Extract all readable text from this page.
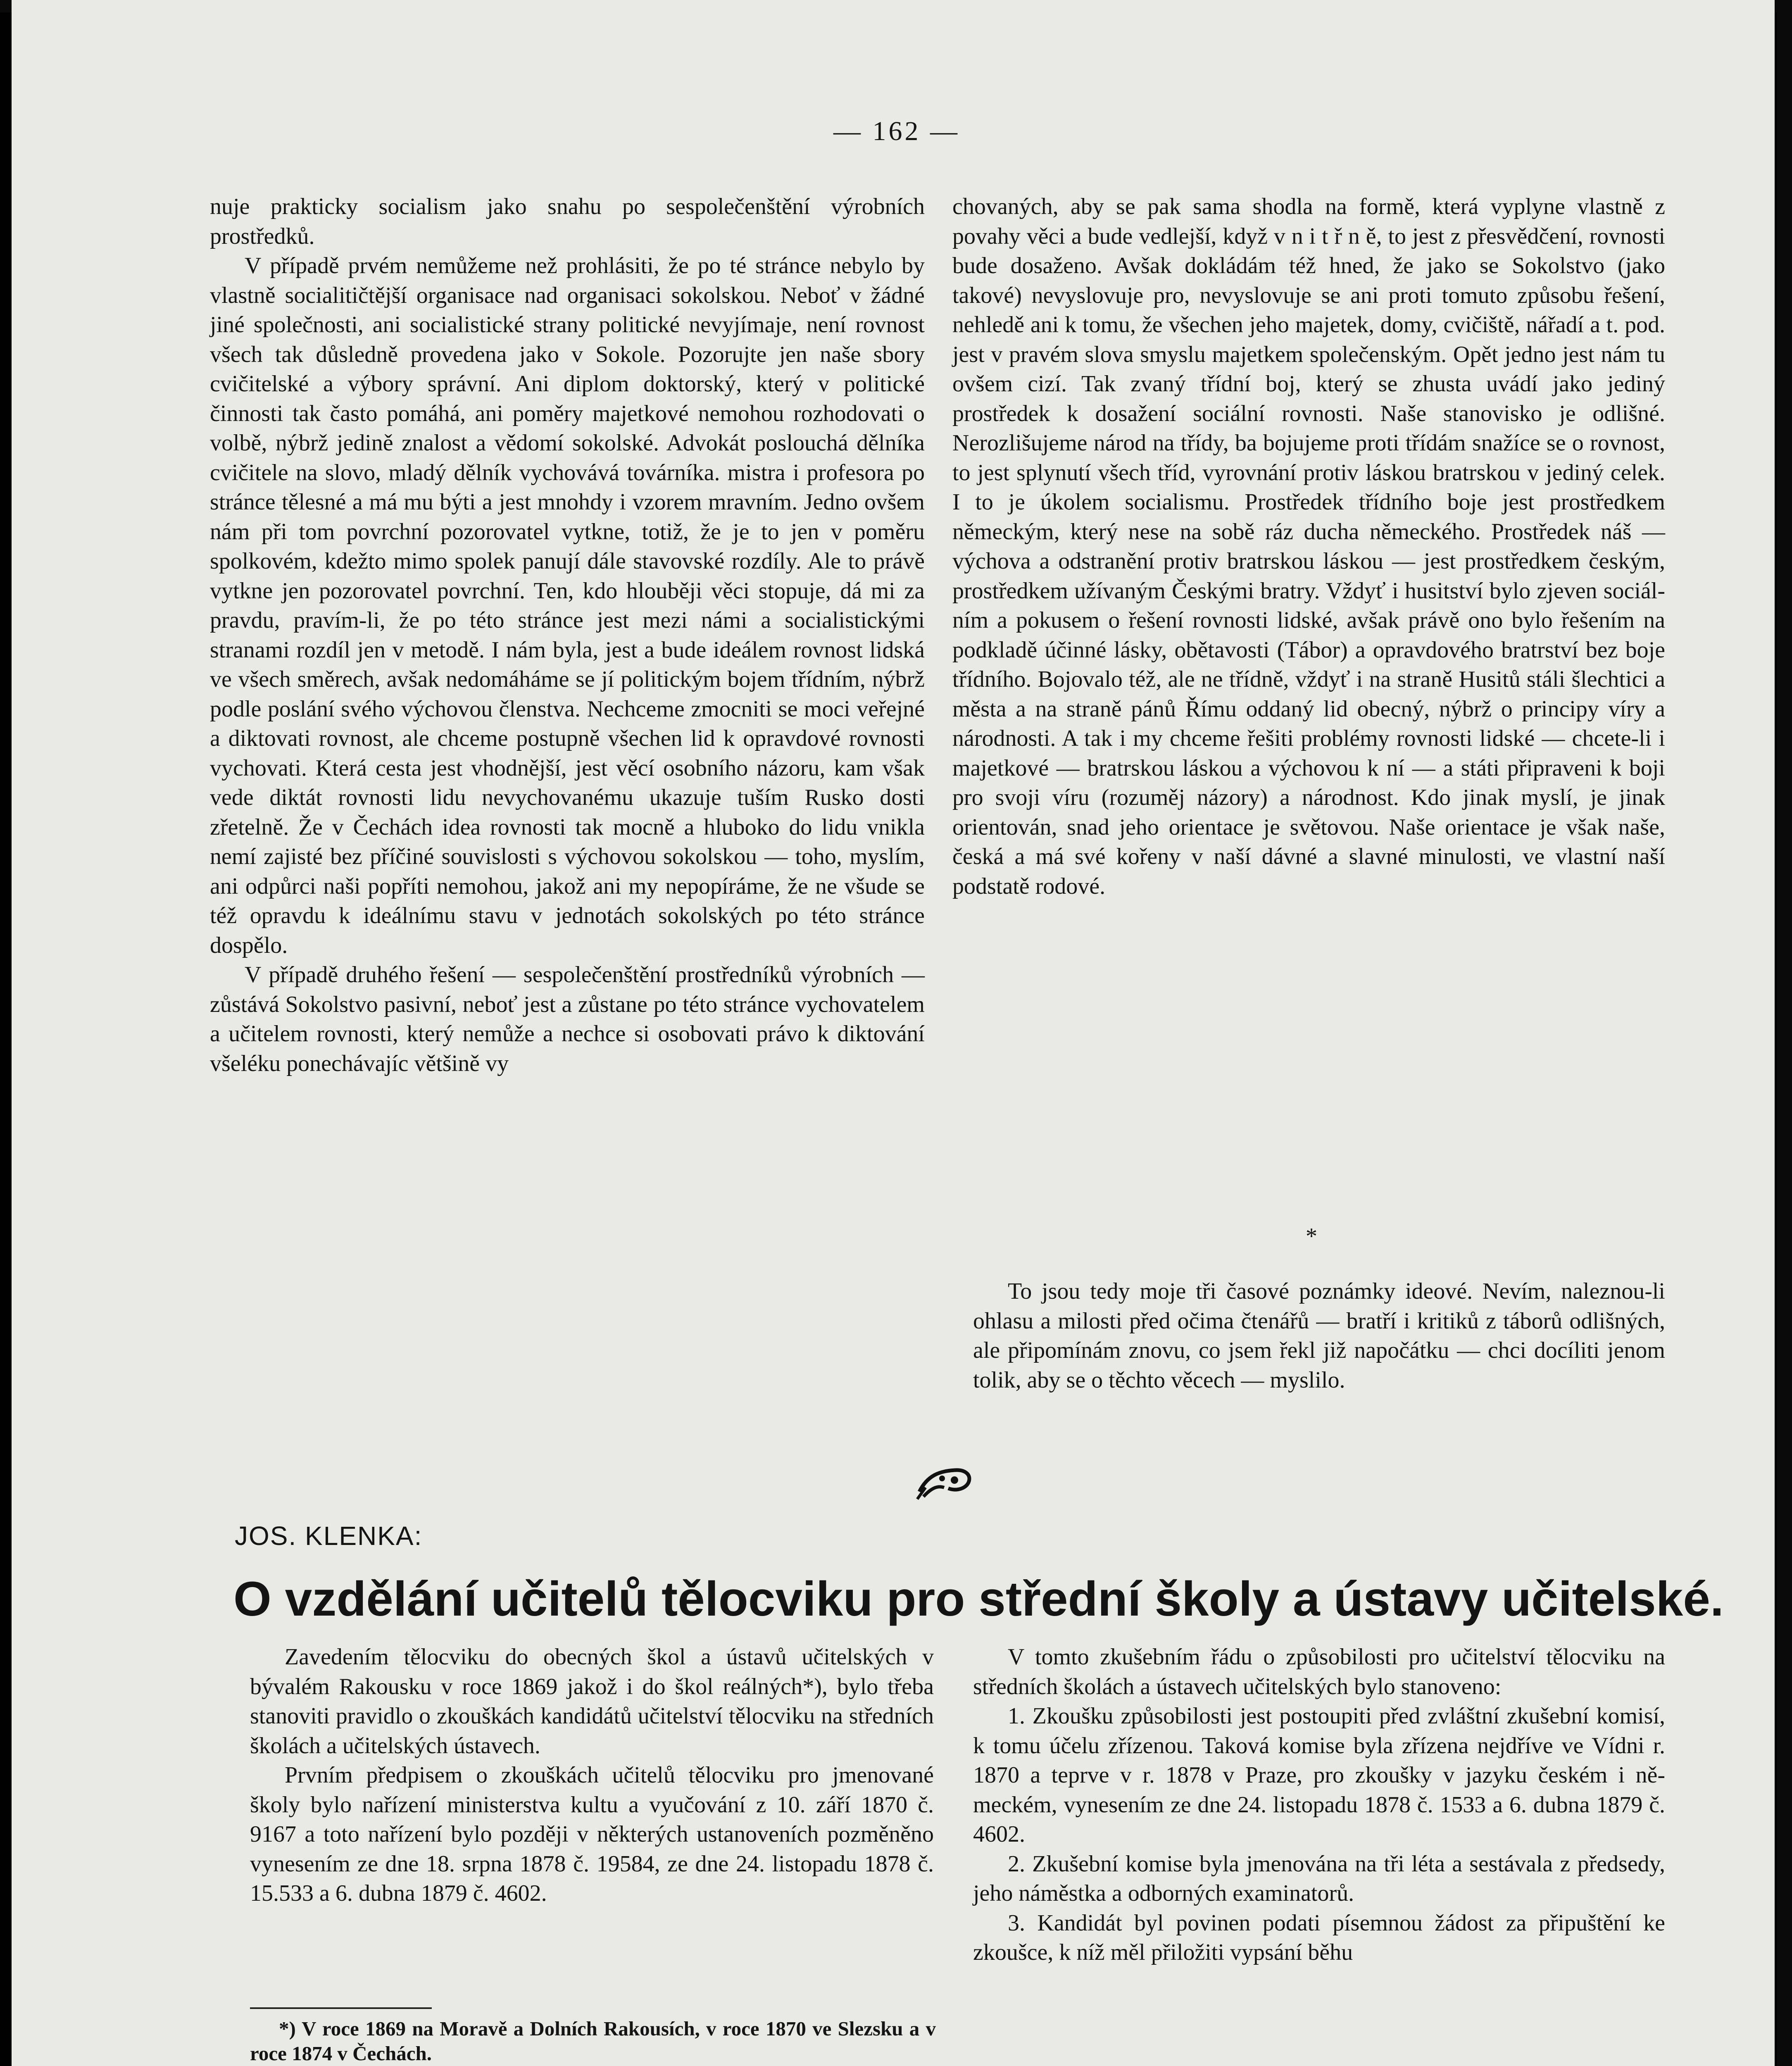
— 162 —

nuje prakticky socialism jako snahu po sespolečenštění výrobních prostředků.

V případě prvém nemůžeme než prohlásiti, že po té stránce nebylo by vlastně socialitičtější organisace nad organisaci sokolskou. Neboť v žádné jiné společnosti, ani socialistické strany politické nevyjímaje, není rovnost všech tak důsledně provedena jako v Sokole. Pozorujte jen naše sbory cvičitelské a výbory správní. Ani diplom doktorský, který v politické činnosti tak často pomáhá, ani poměry majetkové nemohou rozhodovati o volbě, nýbrž jedině znalost a vědomí sokolské. Advokát poslouchá dělníka cvičitele na slovo, mladý dělník vychovává továrníka. mistra i profesora po stránce tělesné a má mu býti a jest mnohdy i vzorem mravním. Jedno ovšem nám při tom povrchní pozorovatel vytkne, totiž, že je to jen v poměru spolkovém, kdežto mimo spolek panují dále stavovské rozdíly. Ale to právě vytkne jen pozorovatel povrchní. Ten, kdo hlouběji věci stopuje, dá mi za pravdu, pravím-li, že po této stránce jest mezi námi a socialistickými stranami rozdíl jen v metodě. I nám byla, jest a bude ideálem rovnost lidská ve všech směrech, avšak nedomáháme se jí politickým bojem třídním, nýbrž podle poslání svého výchovou členstva. Nechceme zmocniti se moci veřejné a diktovati rovnost, ale chceme postupně všechen lid k opravdové rovnosti vychovati. Která cesta jest vhodnější, jest věcí osobního názoru, kam však vede diktát rovnosti lidu nevychovanému ukazuje tuším Rusko dosti zřetelně. Že v Čechách idea rovnosti tak mocně a hluboko do lidu vnikla nemí zajisté bez příčiné souvislosti s výchovou sokolskou — toho, myslím, ani odpůrci naši popříti nemohou, jakož ani my nepopíráme, že ne všude se též opravdu k ideálnímu stavu v jednotách sokolských po této stránce dospělo.

V případě druhého řešení — sespolečenštění prostředníků výrobních — zůstává Sokolstvo pasivní, neboť jest a zůstane po této stránce vychovatelem a učitelem rovnosti, který nemůže a nechce si osobovati právo k diktování všeléku ponechávajíc většině vy

chovaných, aby se pak sama shodla na formě, která vyplyne vlastně z povahy věci a bude vedlejší, když v n i t ř n ě, to jest z přesvědčení, rovnosti bude dosaženo. Avšak dokládám též hned, že jako se Sokolstvo (jako takové) nevyslovuje pro, nevyslovuje se ani proti tomuto způsobu řešení, nehledě ani k tomu, že všechen jeho majetek, domy, cvičiště, nářadí a t. pod. jest v pravém slova smyslu majetkem společenským. Opět jedno jest nám tu ovšem cizí. Tak zvaný třídní boj, který se zhusta uvádí jako jediný prostředek k dosažení sociální rovnosti. Naše stanovisko je odlišné. Nerozlišujeme národ na třídy, ba bojujeme proti třídám snažíce se o rovnost, to jest splynutí všech tříd, vyrovnání protiv láskou bratrskou v jediný celek. I to je úkolem socialismu. Prostředek třídního boje jest prostředkem německým, který nese na sobě ráz ducha německého. Prostředek náš — výchova a odstranění protiv bratrskou láskou — jest prostředkem českým, prostředkem užívaným Českými bratry. Vždyť i husitství bylo zjeven sociálním a pokusem o řešení rovnosti lidské, avšak právě ono bylo řešením na podkladě účinné lásky, obětavosti (Tábor) a opravdového bratrství bez boje třídního. Bojovalo též, ale ne třídně, vždyť i na straně Husitů stáli šlechtici a města a na straně pánů Římu oddaný lid obecný, nýbrž o principy víry a národnosti. A tak i my chceme řešiti problémy rovnosti lidské — chcete-li i majetkové — bratrskou láskou a výchovou k ní — a státi připraveni k boji pro svoji víru (rozuměj názory) a národnost. Kdo jinak myslí, je jinak orientován, snad jeho orientace je světovou. Naše orientace je však naše, česká a má své kořeny v naší dávné a slavné minulosti, ve vlastní naší podstatě rodové.

*

To jsou tedy moje tři časové poznámky ideové. Nevím, naleznou-li ohlasu a milosti před očima čtenářů — bratří i kritiků z táborů odlišných, ale připomínám znovu, co jsem řekl již napočátku — chci docíliti jenom tolik, aby se o těchto věcech — myslilo.

JOS. KLENKA:
O vzdělání učitelů tělocviku pro střední školy a ústavy učitelské.

Zavedením tělocviku do obecných škol a ústavů učitelských v bývalém Rakousku v roce 1869 jakož i do škol reálných*), bylo třeba stanoviti pravidlo o zkouškách kandidátů učitelství tělocviku na středních školách a učitelských ústavech.

Prvním předpisem o zkouškách učitelů tělocviku pro jmenované školy bylo nařízení ministerstva kultu a vyučování z 10. září 1870 č. 9167 a toto nařízení bylo později v některých ustanoveních pozměněno vynesením ze dne 18. srpna 1878 č. 19584, ze dne 24. listopadu 1878 č. 15.533 a 6. dubna 1879 č. 4602.

*) V roce 1869 na Moravě a Dolních Rakousích, v roce 1870 ve Slezsku a v roce 1874 v Čechách.

V tomto zkušebním řádu o způsobilosti pro učitelství tělocviku na středních školách a ústavech učitelských bylo stanoveno:

1. Zkoušku způsobilosti jest postoupiti před zvláštní zkušební komisí, k tomu účelu zřízenou. Taková komise byla zřízena nejdříve ve Vídni r. 1870 a teprve v r. 1878 v Praze, pro zkoušky v jazyku českém i německém, vynesením ze dne 24. listopadu 1878 č. 1533 a 6. dubna 1879 č. 4602.

2. Zkušební komise byla jmenována na tři léta a sestávala z předsedy, jeho náměstka a odborných examinatorů.

3. Kandidát byl povinen podati písemnou žádost za připuštění ke zkoušce, k níž měl přiložiti vypsání běhu
